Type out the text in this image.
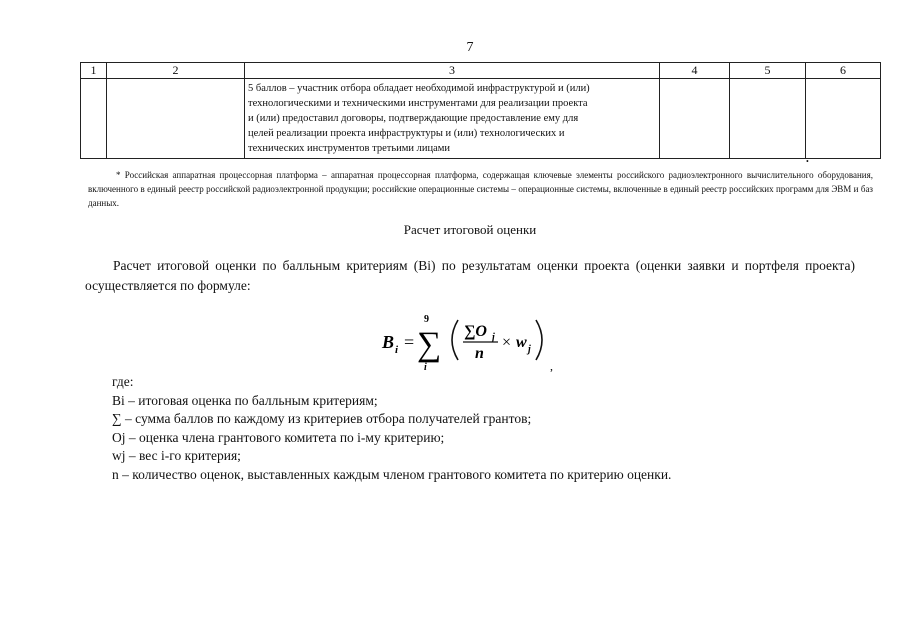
7
1	2	3	4	5	6

		5 баллов – участник отбора обладает необходимой инфраструктурой и (или)
технологическими и техническими инструментами для реализации проекта
и (или) предоставил договоры, подтверждающие предоставление ему для
целей реализации проекта инфраструктуры и (или) технологических и
технических инструментов третьими лицами			

•
* Российская аппаратная процессорная платформа – аппаратная процессорная платформа, содержащая ключевые элементы российского радиоэлектронного вычислительного оборудования, включенного в единый реестр российской радиоэлектронной продукции; российские операционные системы – операционные системы, включенные в единый реестр российских программ для ЭВМ и баз данных.
Расчет итоговой оценки
Расчет итоговой оценки по балльным критериям (Bi) по результатам оценки проекта (оценки заявки и портфеля проекта) осуществляется по формуле:
B i =
9
∑
i
∑O j
n
× w j
,
где:
Bi – итоговая оценка по балльным критериям;
∑ – сумма баллов по каждому из критериев отбора получателей грантов;
Oj – оценка члена грантового комитета по i-му критерию;
wj – вес i-го критерия;
n – количество оценок, выставленных каждым членом грантового комитета по критерию оценки.
